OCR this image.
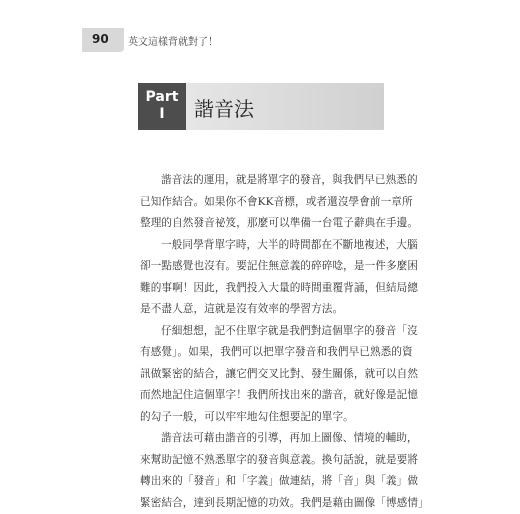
90 英文這樣背就對了！
Part
I	諧音法
諧音法的運用，就是將單字的發音，與我們早已熟悉的
已知作結合。如果你不會KK音標，或者還沒學會前一章所
整理的自然發音祕笈，那麼可以準備一台電子辭典在手邊。
一般同學背單字時，大半的時間都在不斷地複述，大腦
卻一點感覺也沒有。要記住無意義的碎碎唸，是一件多麼困
難的事啊！因此，我們投入大量的時間重覆背誦，但結局總
是不盡人意，這就是沒有效率的學習方法。
仔細想想，記不住單字就是我們對這個單字的發音「沒
有感覺」。如果，我們可以把單字發音和我們早已熟悉的資
訊做緊密的結合，讓它們交叉比對、發生關係，就可以自然
而然地記住這個單字！我們所找出來的諧音，就好像是記憶
的勾子一般，可以牢牢地勾住想要記的單字。
諧音法可藉由諧音的引導，再加上圖像、情境的輔助，
來幫助記憶不熟悉單字的發音與意義。換句話說，就是要將
轉出來的「發音」和「字義」做連結，將「音」與「義」做
緊密結合，達到長期記憶的功效。我們是藉由圖像「博感情」
